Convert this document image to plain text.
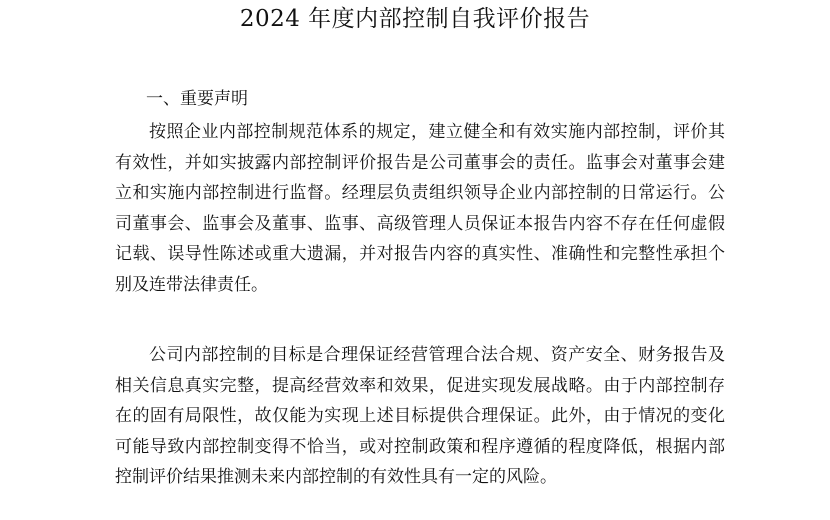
2024 年度内部控制自我评价报告
一、重要声明

按照企业内部控制规范体系的规定，建立健全和有效实施内部控制，评价其有效性，并如实披露内部控制评价报告是公司董事会的责任。监事会对董事会建立和实施内部控制进行监督。经理层负责组织领导企业内部控制的日常运行。公司董事会、监事会及董事、监事、高级管理人员保证本报告内容不存在任何虚假记载、误导性陈述或重大遗漏，并对报告内容的真实性、准确性和完整性承担个别及连带法律责任。

公司内部控制的目标是合理保证经营管理合法合规、资产安全、财务报告及相关信息真实完整，提高经营效率和效果，促进实现发展战略。由于内部控制存在的固有局限性，故仅能为实现上述目标提供合理保证。此外，由于情况的变化可能导致内部控制变得不恰当，或对控制政策和程序遵循的程度降低，根据内部控制评价结果推测未来内部控制的有效性具有一定的风险。
